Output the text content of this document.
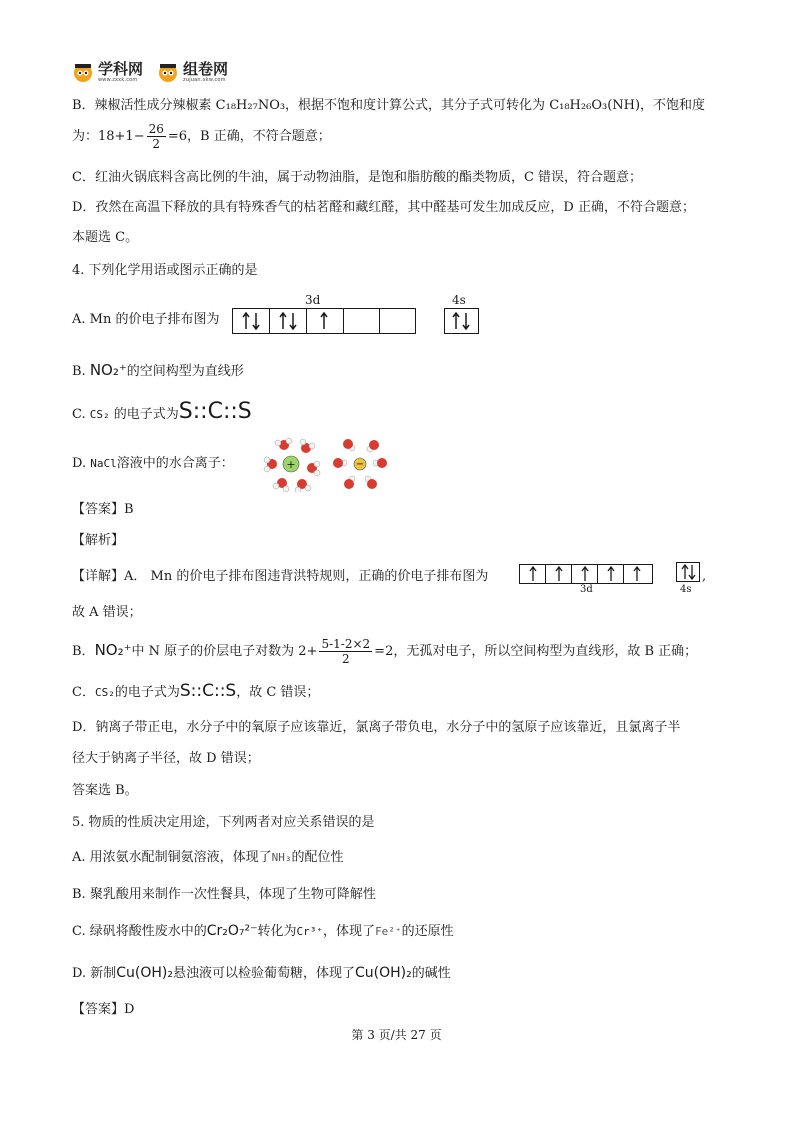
学科网
www.zxxk.com
组卷网
zujuan.xkw.com
B．辣椒活性成分辣椒素 C₁₈H₂₇NO₃，根据不饱和度计算公式，其分子式可转化为 C₁₈H₂₆O₃(NH)，不饱和度
为：$18+1- \frac{26}{2} =6$，B 正确，不符合题意；
C．红油火锅底料含高比例的牛油，属于动物油脂，是饱和脂肪酸的酯类物质，C 错误，符合题意；
D．孜然在高温下释放的具有特殊香气的枯茗醛和藏红醛，其中醛基可发生加成反应，D 正确，不符合题意；
本题选 C。
4. 下列化学用语或图示正确的是
A. Mn 的价电子排布图为
3d	4s
B. NO₂⁺的空间构型为直线形
C. CS₂ 的电子式为S::C::S
D. NaCl溶液中的水合离子：	+	−
【答案】B
【解析】
【详解】A． Mn 的价电子排布图违背洪特规则，正确的价电子排布图为
3d	4s
,
故 A 错误；
B．NO₂⁺中 N 原子的价层电子对数为 $2+ \frac{5-1-2\times 2}{2} =2$，无孤对电子，所以空间构型为直线形，故 B 正确；
C．CS₂的电子式为S::C::S，故 C 错误；
D．钠离子带正电，水分子中的氧原子应该靠近，氯离子带负电，水分子中的氢原子应该靠近，且氯离子半
径大于钠离子半径，故 D 错误；
答案选 B。
5. 物质的性质决定用途，下列两者对应关系错误的是
A. 用浓氨水配制铜氨溶液，体现了NH₃的配位性
B. 聚乳酸用来制作一次性餐具，体现了生物可降解性
C. 绿矾将酸性废水中的Cr₂O₇²⁻转化为Cr³⁺，体现了Fe²⁺的还原性
D. 新制Cu(OH)₂悬浊液可以检验葡萄糖，体现了Cu(OH)₂的碱性
【答案】D
第 3 页/共 27 页
